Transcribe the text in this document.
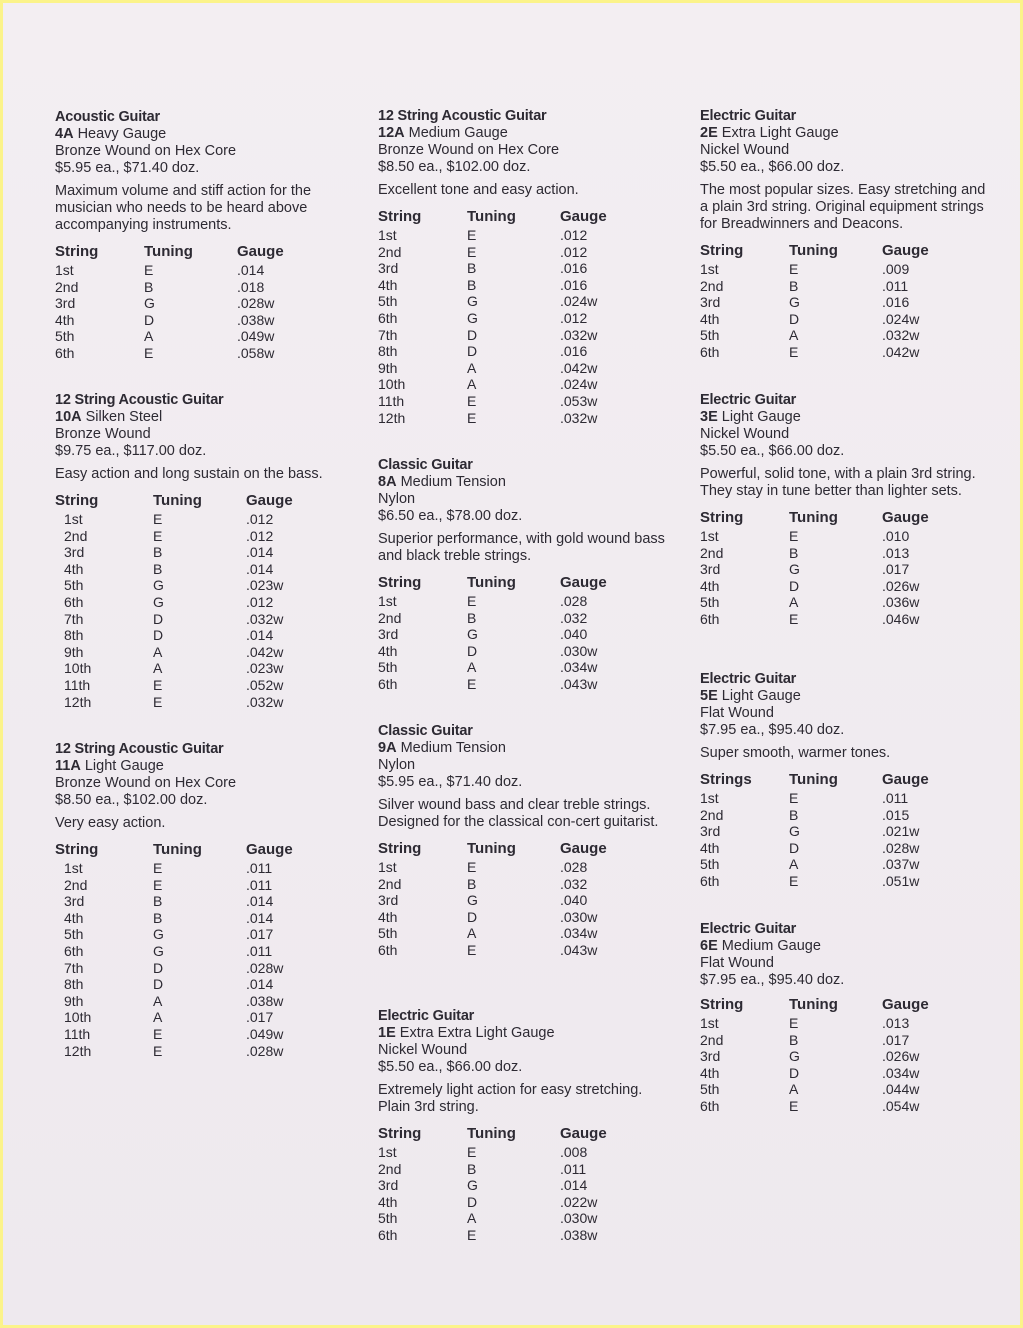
Acoustic Guitar
4A Heavy Gauge
Bronze Wound on Hex Core
$5.95 ea., $71.40 doz.
Maximum volume and stiff action for the musician who needs to be heard above accompanying instruments.
String	Tuning	Gauge
1st	E	.014
2nd	B	.018
3rd	G	.028w
4th	D	.038w
5th	A	.049w
6th	E	.058w
12 String Acoustic Guitar
10A Silken Steel
Bronze Wound
$9.75 ea., $117.00 doz.
Easy action and long sustain on the bass.
String	Tuning	Gauge
1st	E	.012
2nd	E	.012
3rd	B	.014
4th	B	.014
5th	G	.023w
6th	G	.012
7th	D	.032w
8th	D	.014
9th	A	.042w
10th	A	.023w
11th	E	.052w
12th	E	.032w
12 String Acoustic Guitar
11A Light Gauge
Bronze Wound on Hex Core
$8.50 ea., $102.00 doz.
Very easy action.
String	Tuning	Gauge
1st	E	.011
2nd	E	.011
3rd	B	.014
4th	B	.014
5th	G	.017
6th	G	.011
7th	D	.028w
8th	D	.014
9th	A	.038w
10th	A	.017
11th	E	.049w
12th	E	.028w
12 String Acoustic Guitar
12A Medium Gauge
Bronze Wound on Hex Core
$8.50 ea., $102.00 doz.
Excellent tone and easy action.
String	Tuning	Gauge
1st	E	.012
2nd	E	.012
3rd	B	.016
4th	B	.016
5th	G	.024w
6th	G	.012
7th	D	.032w
8th	D	.016
9th	A	.042w
10th	A	.024w
11th	E	.053w
12th	E	.032w
Classic Guitar
8A Medium Tension
Nylon
$6.50 ea., $78.00 doz.
Superior performance, with gold wound bass and black treble strings.
String	Tuning	Gauge
1st	E	.028
2nd	B	.032
3rd	G	.040
4th	D	.030w
5th	A	.034w
6th	E	.043w
Classic Guitar
9A Medium Tension
Nylon
$5.95 ea., $71.40 doz.
Silver wound bass and clear treble strings. Designed for the classical con-cert guitarist.
String	Tuning	Gauge
1st	E	.028
2nd	B	.032
3rd	G	.040
4th	D	.030w
5th	A	.034w
6th	E	.043w
Electric Guitar
1E Extra Extra Light Gauge
Nickel Wound
$5.50 ea., $66.00 doz.
Extremely light action for easy stretching. Plain 3rd string.
String	Tuning	Gauge
1st	E	.008
2nd	B	.011
3rd	G	.014
4th	D	.022w
5th	A	.030w
6th	E	.038w
Electric Guitar
2E Extra Light Gauge
Nickel Wound
$5.50 ea., $66.00 doz.
The most popular sizes. Easy stretching and a plain 3rd string. Original equipment strings for Breadwinners and Deacons.
String	Tuning	Gauge
1st	E	.009
2nd	B	.011
3rd	G	.016
4th	D	.024w
5th	A	.032w
6th	E	.042w
Electric Guitar
3E Light Gauge
Nickel Wound
$5.50 ea., $66.00 doz.
Powerful, solid tone, with a plain 3rd string. They stay in tune better than lighter sets.
String	Tuning	Gauge
1st	E	.010
2nd	B	.013
3rd	G	.017
4th	D	.026w
5th	A	.036w
6th	E	.046w
Electric Guitar
5E Light Gauge
Flat Wound
$7.95 ea., $95.40 doz.
Super smooth, warmer tones.
Strings	Tuning	Gauge
1st	E	.011
2nd	B	.015
3rd	G	.021w
4th	D	.028w
5th	A	.037w
6th	E	.051w
Electric Guitar
6E Medium Gauge
Flat Wound
$7.95 ea., $95.40 doz.
String	Tuning	Gauge
1st	E	.013
2nd	B	.017
3rd	G	.026w
4th	D	.034w
5th	A	.044w
6th	E	.054w
